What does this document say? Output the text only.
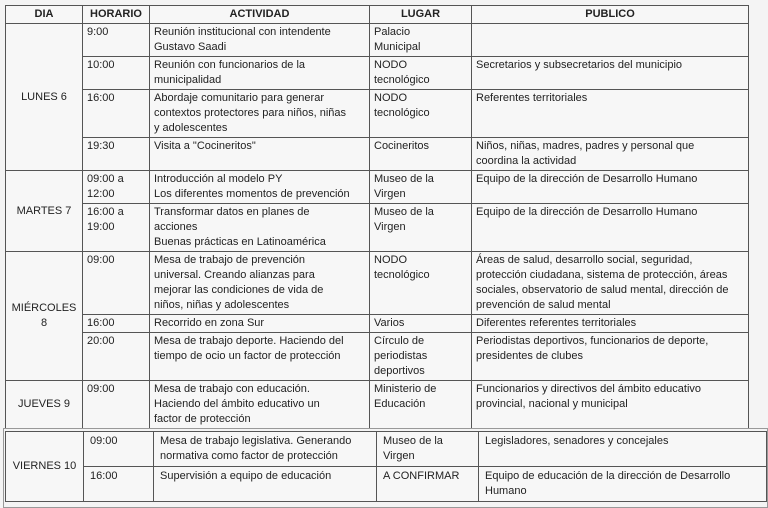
DIA	HORARIO	ACTIVIDAD	LUGAR	PUBLICO
LUNES 6	9:00	Reunión institucional con intendente
Gustavo Saadi	Palacio
Municipal	

	10:00	Reunión con funcionarios de la
municipalidad	NODO
tecnológico	Secretarios y subsecretarios del municipio

	16:00	Abordaje comunitario para generar
contextos protectores para niños, niñas
y adolescentes	NODO
tecnológico	Referentes territoriales

	19:30	Visita a "Cocineritos"	Cocineritos	Niños, niñas, madres, padres y personal que
coordina la actividad

MARTES 7	09:00 a
12:00	Introducción al modelo PY
Los diferentes momentos de prevención	Museo de la
Virgen	Equipo de la dirección de Desarrollo Humano

	16:00 a
19:00	Transformar datos en planes de
acciones
Buenas prácticas en Latinoamérica	Museo de la
Virgen	Equipo de la dirección de Desarrollo Humano

MIÉRCOLES 8	09:00	Mesa de trabajo de prevención
universal. Creando alianzas para
mejorar las condiciones de vida de
niños, niñas y adolescentes	NODO
tecnológico	Áreas de salud, desarrollo social, seguridad,
protección ciudadana, sistema de protección, áreas
sociales, observatorio de salud mental, dirección de
prevención de salud mental

	16:00	Recorrido en zona Sur	Varios	Diferentes referentes territoriales

	20:00	Mesa de trabajo deporte. Haciendo del
tiempo de ocio un factor de protección	Círculo de
periodistas
deportivos	Periodistas deportivos, funcionarios de deporte,
presidentes de clubes

JUEVES 9	09:00	Mesa de trabajo con educación.
Haciendo del ámbito educativo un
factor de protección	Ministerio de
Educación	Funcionarios y directivos del ámbito educativo
provincial, nacional y municipal
VIERNES 10	09:00	Mesa de trabajo legislativa. Generando
normativa como factor de protección	Museo de la
Virgen	Legisladores, senadores y concejales

	16:00	Supervisión a equipo de educación	A CONFIRMAR	Equipo de educación de la dirección de Desarrollo
Humano
